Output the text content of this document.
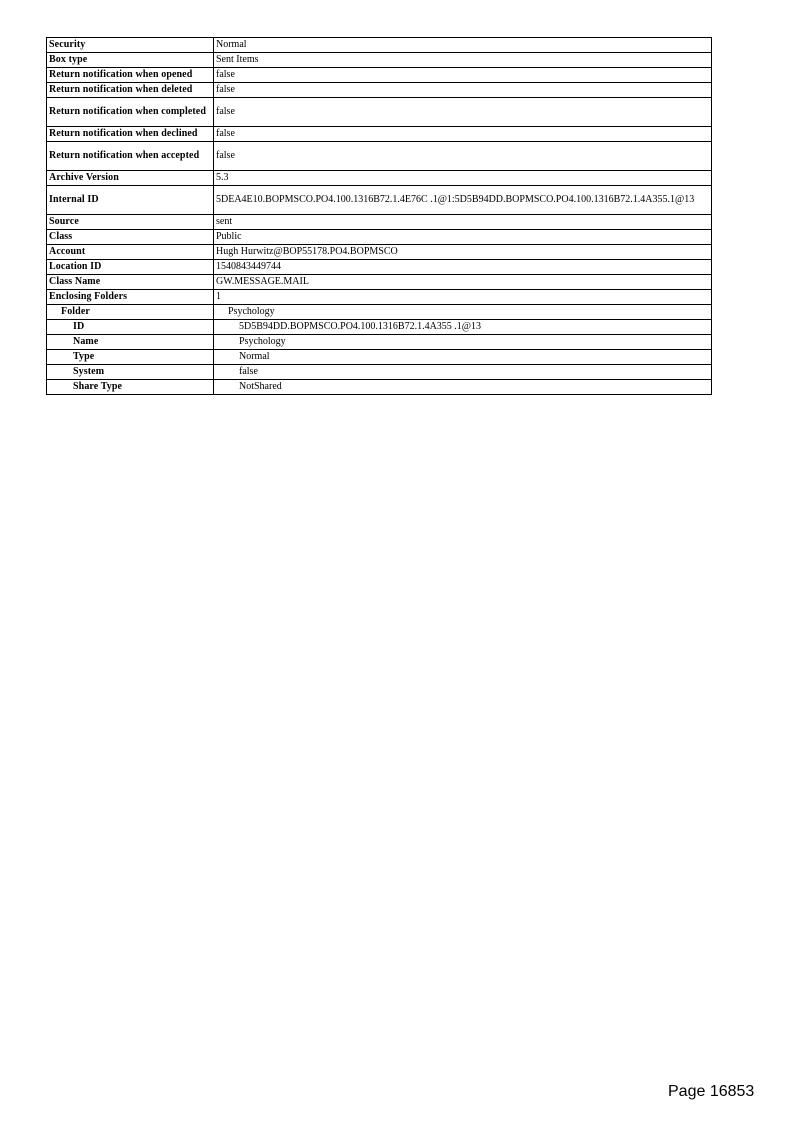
Security	Normal
Box type	Sent Items
Return notification when opened	false
Return notification when deleted	false
Return notification when completed	false
Return notification when declined	false
Return notification when accepted	false
Archive Version	5.3
Internal ID	5DEA4E10.BOPMSCO.PO4.100.1316B72.1.4E76C .1@1:5D5B94DD.BOPMSCO.PO4.100.1316B72.1.4A355.1@13
Source	sent
Class	Public
Account	Hugh Hurwitz@BOP55178.PO4.BOPMSCO
Location ID	1540843449744
Class Name	GW.MESSAGE.MAIL
Enclosing Folders	1
Folder	Psychology
ID	5D5B94DD.BOPMSCO.PO4.100.1316B72.1.4A355 .1@13
Name	Psychology
Type	Normal
System	false
Share Type	NotShared
Page 16853
